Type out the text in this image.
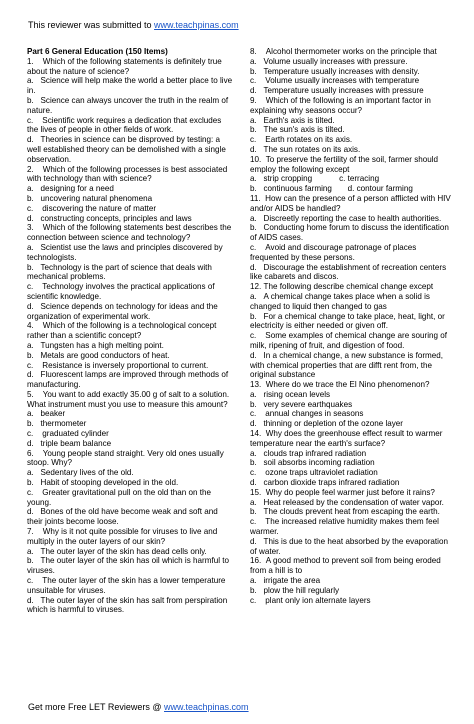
This reviewer was submitted to www.teachpinas.com

Part 6 General Education (150 Items)

1.    Which of the following statements is definitely true about the nature of science?

a.   Science will help make the world a better place to live in.

b.   Science can always uncover the truth in the realm of nature.

c.    Scientific work requires a dedication that excludes the lives of people in other fields of work.

d.   Theories in science can be disproved by testing: a well established theory can be demolished with a single observation.

2.    Which of the following processes is best associated with technology than with science?

a.   designing for a need

b.   uncovering natural phenomena

c.    discovering the nature of matter

d.   constructing concepts, principles and laws

3.    Which of the following statements best describes the connection between science and technology?

a.   Scientist use the laws and principles discovered by technologists.

b.   Technology is the part of science that deals with mechanical problems.

c.    Technology involves the practical applications of scientific knowledge.

d.   Science depends on technology for ideas and the organization of experimental work.

4.    Which of the following is a technological concept rather than a scientific concept?

a.   Tungsten has a high melting point.

b.   Metals are good conductors of heat.

c.    Resistance is inversely proportional to current.

d.   Fluorescent lamps are improved through methods of manufacturing.

5.    You want to add exactly 35.00 g of salt to a solution. What instrument must you use to measure this amount?

a.   beaker

b.   thermometer

c.    graduated cylinder

d.   triple beam balance

6.    Young people stand straight. Very old ones usually stoop. Why?

a.   Sedentary lives of the old.

b.   Habit of stooping developed in the old.

c.    Greater gravitational pull on the old than on the young.

d.   Bones of the old have become weak and soft and their joints become loose.

7.    Why is it not quite possible for viruses to live and multiply in the outer layers of our skin?

a.   The outer layer of the skin has dead cells only.

b.   The outer layer of the skin has oil which is harmful to viruses.

c.    The outer layer of the skin has a lower temperature unsuitable for viruses.

d.   The outer layer of the skin has salt from perspiration which is harmful to viruses.

8.    Alcohol thermometer works on the principle that

a.   Volume usually increases with pressure.

b.   Temperature usually increases with density.

c.    Volume usually increases with temperature

d.   Temperature usually increases with pressure

9.    Which of the following is an important factor in explaining why seasons occur?

a.   Earth's axis is tilted.

b.   The sun's axis is tilted.

c.    Earth rotates on its axis.

d.   The sun rotates on its axis.

10.  To preserve the fertility of the soil, farmer should employ the following except

a.   strip cropping            c. terracing

b.   continuous farming       d. contour farming

11.  How can the presence of a person afflicted with HIV and/or AIDS be handled?

a.   Discreetly reporting the case to health authorities.

b.   Conducting home forum to discuss the identification of AIDS cases.

c.    Avoid and discourage patronage of places frequented by these persons.

d.   Discourage the establishment of recreation centers like cabarets and discos.

12. The following describe chemical change except

a.   A chemical change takes place when a solid is changed to liquid then changed to gas

b.   For a chemical change to take place, heat, light, or electricity is either needed or given off.

c.    Some examples of chemical change are souring of milk, ripening of fruit, and digestion of food.

d.   In a chemical change, a new substance is formed, with chemical properties that are difft rent from, the original substance

13.  Where do we trace the El Nino phenomenon?

a.   rising ocean levels

b.   very severe earthquakes

c.    annual changes in seasons

d.   thinning or depletion of the ozone layer

14.  Why does the greenhouse effect result to warmer temperature near the earth's surface?

a.   clouds trap infrared radiation

b.   soil absorbs incoming radiation

c.    ozone traps ultraviolet radiation

d.   carbon dioxide traps infrared radiation

15.  Why do people feel warmer just before it rains?

a.   Heat released by the condensation of water vapor.

b.   The clouds prevent heat from escaping the earth.

c.    The increased relative humidity makes them feel warmer.

d.   This is due to the heat absorbed by the evaporation of water.

16.  A good method to prevent soil from being eroded from a hill is to

a.   irrigate the area

b.   plow the hill regularly

c.    plant only ion alternate layers

Get more Free LET Reviewers @ www.teachpinas.com
